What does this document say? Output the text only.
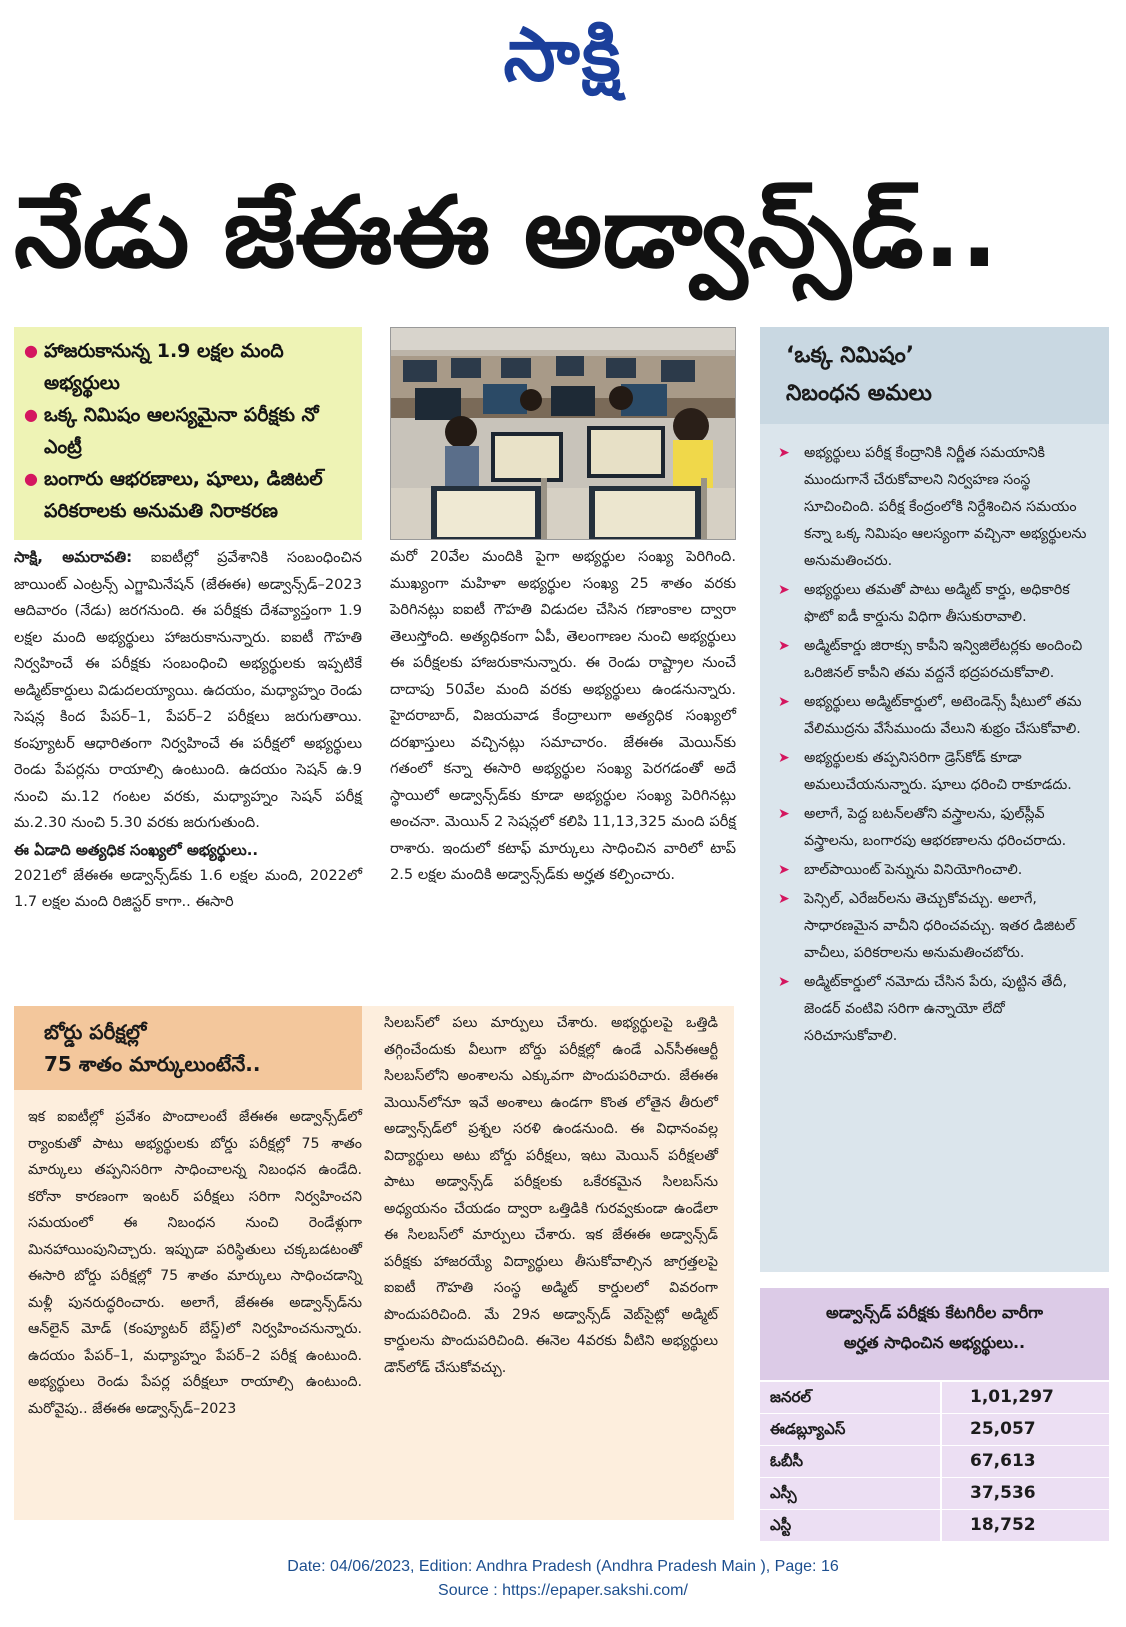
సాక్షి
నేడు జేఈఈ అడ్వాన్స్‌డ్‌..
● హాజరుకానున్న 1.9 లక్షల మంది అభ్యర్థులు
● ఒక్క నిమిషం ఆలస్యమైనా పరీక్షకు నో ఎంట్రీ
● బంగారు ఆభరణాలు, షూలు, డిజిటల్‌ పరికరాలకు అనుమతి నిరాకరణ
సాక్షి, అమరావతి: ఐఐటీల్లో ప్రవేశానికి సంబంధించిన జాయింట్‌ ఎంట్రన్స్‌ ఎగ్జామినేషన్‌ (జేఈఈ) అడ్వాన్స్‌డ్‌–2023 ఆదివారం (నేడు) జరగనుంది. ఈ పరీక్షకు దేశవ్యాప్తంగా 1.9 లక్షల మంది అభ్యర్థులు హాజరుకానున్నారు. ఐఐటీ గౌహతి నిర్వహించే ఈ పరీక్షకు సంబంధించి అభ్యర్థులకు ఇప్పటికే అడ్మిట్‌కార్డులు విడుదలయ్యాయి. ఉదయం, మధ్యాహ్నం రెండు సెషన్ల కింద పేపర్‌–1, పేపర్‌–2 పరీక్షలు జరుగుతాయి. కంప్యూటర్‌ ఆధారితంగా నిర్వహించే ఈ పరీక్షలో అభ్యర్థులు రెండు పేపర్లను రాయాల్సి ఉంటుంది. ఉదయం సెషన్‌ ఉ.9 నుంచి మ.12 గంటల వరకు, మధ్యాహ్నం సెషన్‌ పరీక్ష మ.2.30 నుంచి 5.30 వరకు జరుగుతుంది.
ఈ ఏడాది అత్యధిక సంఖ్యలో అభ్యర్థులు..
2021లో జేఈఈ అడ్వాన్స్‌డ్‌కు 1.6 లక్షల మంది, 2022లో 1.7 లక్షల మంది రిజిస్టర్‌ కాగా.. ఈసారి
మరో 20వేల మందికి పైగా అభ్యర్థుల సంఖ్య పెరిగింది. ముఖ్యంగా మహిళా అభ్యర్థుల సంఖ్య 25 శాతం వరకు పెరిగినట్లు ఐఐటీ గౌహతి విడుదల చేసిన గణాంకాల ద్వారా తెలుస్తోంది. అత్యధికంగా ఏపీ, తెలంగాణల నుంచి అభ్యర్థులు ఈ పరీక్షలకు హాజరుకానున్నారు. ఈ రెండు రాష్ట్రాల నుంచే దాదాపు 50వేల మంది వరకు అభ్యర్థులు ఉండనున్నారు. హైదరాబాద్, విజయవాడ కేంద్రాలుగా అత్యధిక సంఖ్యలో దరఖాస్తులు వచ్చినట్లు సమాచారం. జేఈఈ మెయిన్‌కు గతంలో కన్నా ఈసారి అభ్యర్థుల సంఖ్య పెరగడంతో అదే స్థాయిలో అడ్వాన్స్‌డ్‌కు కూడా అభ్యర్థుల సంఖ్య పెరిగినట్లు అంచనా. మెయిన్‌ 2 సెషన్లలో కలిపి 11,13,325 మంది పరీక్ష రాశారు. ఇందులో కటాఫ్‌ మార్కులు సాధించిన వారిలో టాప్‌ 2.5 లక్షల మందికి అడ్వాన్స్‌డ్‌కు అర్హత కల్పించారు.
బోర్డు పరీక్షల్లో
75 శాతం మార్కులుంటేనే..
ఇక ఐఐటీల్లో ప్రవేశం పొందాలంటే జేఈఈ అడ్వాన్స్‌డ్‌లో ర్యాంకుతో పాటు అభ్యర్థులకు బోర్డు పరీక్షల్లో 75 శాతం మార్కులు తప్పనిసరిగా సాధించాలన్న నిబంధన ఉండేది. కరోనా కారణంగా ఇంటర్‌ పరీక్షలు సరిగా నిర్వహించని సమయంలో ఈ నిబంధన నుంచి రెండేళ్లుగా మినహాయింపునిచ్చారు. ఇప్పుడా పరిస్థితులు చక్కబడటంతో ఈసారి బోర్డు పరీక్షల్లో 75 శాతం మార్కులు సాధించడాన్ని మళ్లీ పునరుద్ధరించారు. అలాగే, జేఈఈ అడ్వాన్స్‌డ్‌ను ఆన్‌లైన్‌ మోడ్‌ (కంప్యూటర్‌ బేస్డ్‌)లో నిర్వహించనున్నారు. ఉదయం పేపర్‌–1, మధ్యాహ్నం పేపర్‌–2 పరీక్ష ఉంటుంది. అభ్యర్థులు రెండు పేపర్ల పరీక్షలూ రాయాల్సి ఉంటుంది. మరోవైపు.. జేఈఈ అడ్వాన్స్‌డ్‌–2023
సిలబస్‌లో పలు మార్పులు చేశారు. అభ్యర్థులపై ఒత్తిడి తగ్గించేందుకు వీలుగా బోర్డు పరీక్షల్లో ఉండే ఎన్‌సీఈఆర్టీ సిలబస్‌లోని అంశాలను ఎక్కువగా పొందుపరిచారు. జేఈఈ మెయిన్‌లోనూ ఇవే అంశాలు ఉండగా కొంత లోతైన తీరులో అడ్వాన్స్‌డ్‌లో ప్రశ్నల సరళి ఉండనుంది. ఈ విధానంవల్ల విద్యార్థులు అటు బోర్డు పరీక్షలు, ఇటు మెయిన్‌ పరీక్షలతో పాటు అడ్వాన్స్‌డ్‌ పరీక్షలకు ఒకేరకమైన సిలబస్‌ను అధ్యయనం చేయడం ద్వారా ఒత్తిడికి గురవ్వకుండా ఉండేలా ఈ సిలబస్‌లో మార్పులు చేశారు. ఇక జేఈఈ అడ్వాన్స్‌డ్‌ పరీక్షకు హాజరయ్యే విద్యార్థులు తీసుకోవాల్సిన జాగ్రత్తలపై ఐఐటీ గౌహతి సంస్థ అడ్మిట్‌ కార్డులలో వివరంగా పొందుపరిచింది. మే 29న అడ్వాన్స్‌డ్‌ వెబ్‌సైట్లో అడ్మిట్‌ కార్డులను పొందుపరిచింది. ఈనెల 4వరకు వీటిని అభ్యర్థులు డౌన్‌లోడ్‌ చేసుకోవచ్చు.
‘ఒక్క నిమిషం’
నిబంధన అమలు
➤ అభ్యర్థులు పరీక్ష కేంద్రానికి నిర్ణీత సమయానికి ముందుగానే చేరుకోవాలని నిర్వహణ సంస్థ సూచించింది. పరీక్ష కేంద్రంలోకి నిర్దేశించిన సమయం కన్నా ఒక్క నిమిషం ఆలస్యంగా వచ్చినా అభ్యర్థులను అనుమతించరు.
➤ అభ్యర్థులు తమతో పాటు అడ్మిట్‌ కార్డు, అధికారిక ఫొటో ఐడీ కార్డును విధిగా తీసుకురావాలి.
➤ అడ్మిట్‌కార్డు జిరాక్సు కాపీని ఇన్విజిలేటర్లకు అందించి ఒరిజినల్‌ కాపీని తమ వద్దనే భద్రపరచుకోవాలి.
➤ అభ్యర్థులు అడ్మిట్‌కార్డులో, అటెండెన్స్‌ షీటులో తమ వేలిముద్రను వేసేముందు వేలుని శుభ్రం చేసుకోవాలి.
➤ అభ్యర్థులకు తప్పనిసరిగా డ్రెస్‌కోడ్‌ కూడా అమలుచేయనున్నారు. షూలు ధరించి రాకూడదు.
➤ అలాగే, పెద్ద బటన్‌లతోని వస్త్రాలను, ఫుల్‌స్లీవ్‌ వస్త్రాలను, బంగారపు ఆభరణాలను ధరించరాదు.
➤ బాల్‌పాయింట్‌ పెన్నును వినియోగించాలి.
➤ పెన్సిల్, ఎరేజర్‌లను తెచ్చుకోవచ్చు. అలాగే, సాధారణమైన వాచీని ధరించవచ్చు. ఇతర డిజిటల్‌ వాచీలు, పరికరాలను అనుమతించబోరు.
➤ అడ్మిట్‌కార్డులో నమోదు చేసిన పేరు, పుట్టిన తేదీ, జెండర్‌ వంటివి సరిగా ఉన్నాయో లేదో సరిచూసుకోవాలి.
అడ్వాన్స్‌డ్‌ పరీక్షకు కేటగిరీల వారీగా
అర్హత సాధించిన అభ్యర్థులు..
జనరల్‌	1,01,297
ఈడబ్ల్యూఎస్‌	25,057
ఓబీసీ	67,613
ఎస్సీ	37,536
ఎస్టీ	18,752
Date: 04/06/2023, Edition: Andhra Pradesh (Andhra Pradesh Main ), Page: 16
Source : https://epaper.sakshi.com/
